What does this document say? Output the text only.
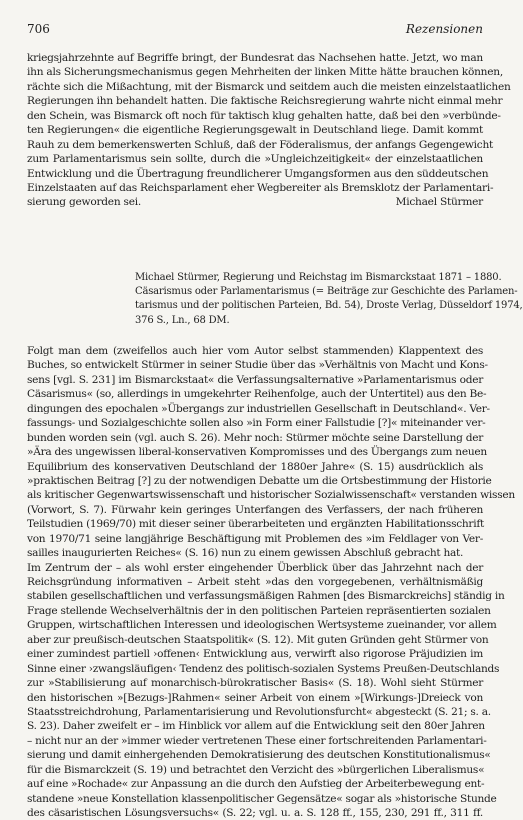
706	Rezensionen
kriegsjahrzehnte auf Begriffe bringt, der Bundesrat das Nachsehen hatte. Jetzt, wo man
ihn als Sicherungsmechanismus gegen Mehrheiten der linken Mitte hätte brauchen können,
rächte sich die Mißachtung, mit der Bismarck und seitdem auch die meisten einzelstaatlichen
Regierungen ihn behandelt hatten. Die faktische Reichsregierung wahrte nicht einmal mehr
den Schein, was Bismarck oft noch für taktisch klug gehalten hatte, daß bei den »verbünde-
ten Regierungen« die eigentliche Regierungsgewalt in Deutschland liege. Damit kommt
Rauh zu dem bemerkenswerten Schluß, daß der Föderalismus, der anfangs Gegengewicht
zum Parlamentarismus sein sollte, durch die »Ungleichzeitigkeit« der einzelstaatlichen
Entwicklung und die Übertragung freundlicherer Umgangsformen aus den süddeutschen
Einzelstaaten auf das Reichsparlament eher Wegbereiter als Bremsklotz der Parlamentari-
sierung geworden sei.	Michael Stürmer
Michael Stürmer, Regierung und Reichstag im Bismarckstaat 1871 – 1880.
Cäsarismus oder Parlamentarismus (= Beiträge zur Geschichte des Parlamen-
tarismus und der politischen Parteien, Bd. 54), Droste Verlag, Düsseldorf 1974,
376 S., Ln., 68 DM.
Folgt man dem (zweifellos auch hier vom Autor selbst stammenden) Klappentext des
Buches, so entwickelt Stürmer in seiner Studie über das »Verhältnis von Macht und Kons-
sens [vgl. S. 231] im Bismarckstaat« die Verfassungsalternative »Parlamentarismus oder
Cäsarismus« (so, allerdings in umgekehrter Reihenfolge, auch der Untertitel) aus den Be-
dingungen des epochalen »Übergangs zur industriellen Gesellschaft in Deutschland«. Ver-
fassungs- und Sozialgeschichte sollen also »in Form einer Fallstudie [?]« miteinander ver-
bunden worden sein (vgl. auch S. 26). Mehr noch: Stürmer möchte seine Darstellung der
»Ära des ungewissen liberal-konservativen Kompromisses und des Übergangs zum neuen
Equilibrium des konservativen Deutschland der 1880er Jahre« (S. 15) ausdrücklich als
»praktischen Beitrag [?] zu der notwendigen Debatte um die Ortsbestimmung der Historie
als kritischer Gegenwartswissenschaft und historischer Sozialwissenschaft« verstanden wissen
(Vorwort, S. 7). Fürwahr kein geringes Unterfangen des Verfassers, der nach früheren
Teilstudien (1969/70) mit dieser seiner überarbeiteten und ergänzten Habilitationsschrift
von 1970/71 seine langjährige Beschäftigung mit Problemen des »im Feldlager von Ver-
sailles inaugurierten Reiches« (S. 16) nun zu einem gewissen Abschluß gebracht hat.
Im Zentrum der – als wohl erster eingehender Überblick über das Jahrzehnt nach der
Reichsgründung informativen – Arbeit steht »das den vorgegebenen, verhältnismäßig
stabilen gesellschaftlichen und verfassungsmäßigen Rahmen [des Bismarckreichs] ständig in
Frage stellende Wechselverhältnis der in den politischen Parteien repräsentierten sozialen
Gruppen, wirtschaftlichen Interessen und ideologischen Wertsysteme zueinander, vor allem
aber zur preußisch-deutschen Staatspolitik« (S. 12). Mit guten Gründen geht Stürmer von
einer zumindest partiell ›offenen‹ Entwicklung aus, verwirft also rigorose Präjudizien im
Sinne einer ›zwangsläufigen‹ Tendenz des politisch-sozialen Systems Preußen-Deutschlands
zur »Stabilisierung auf monarchisch-bürokratischer Basis« (S. 18). Wohl sieht Stürmer
den historischen »[Bezugs-]Rahmen« seiner Arbeit von einem »[Wirkungs-]Dreieck von
Staatsstreichdrohung, Parlamentarisierung und Revolutionsfurcht« abgesteckt (S. 21; s. a.
S. 23). Daher zweifelt er – im Hinblick vor allem auf die Entwicklung seit den 80er Jahren
– nicht nur an der »immer wieder vertretenen These einer fortschreitenden Parlamentari-
sierung und damit einhergehenden Demokratisierung des deutschen Konstitutionalismus«
für die Bismarckzeit (S. 19) und betrachtet den Verzicht des »bürgerlichen Liberalismus«
auf eine »Rochade« zur Anpassung an die durch den Aufstieg der Arbeiterbewegung ent-
standene »neue Konstellation klassenpolitischer Gegensätze« sogar als »historische Stunde
des cäsaristischen Lösungsversuchs« (S. 22; vgl. u. a. S. 128 ff., 155, 230, 291 ff., 311 ff.
